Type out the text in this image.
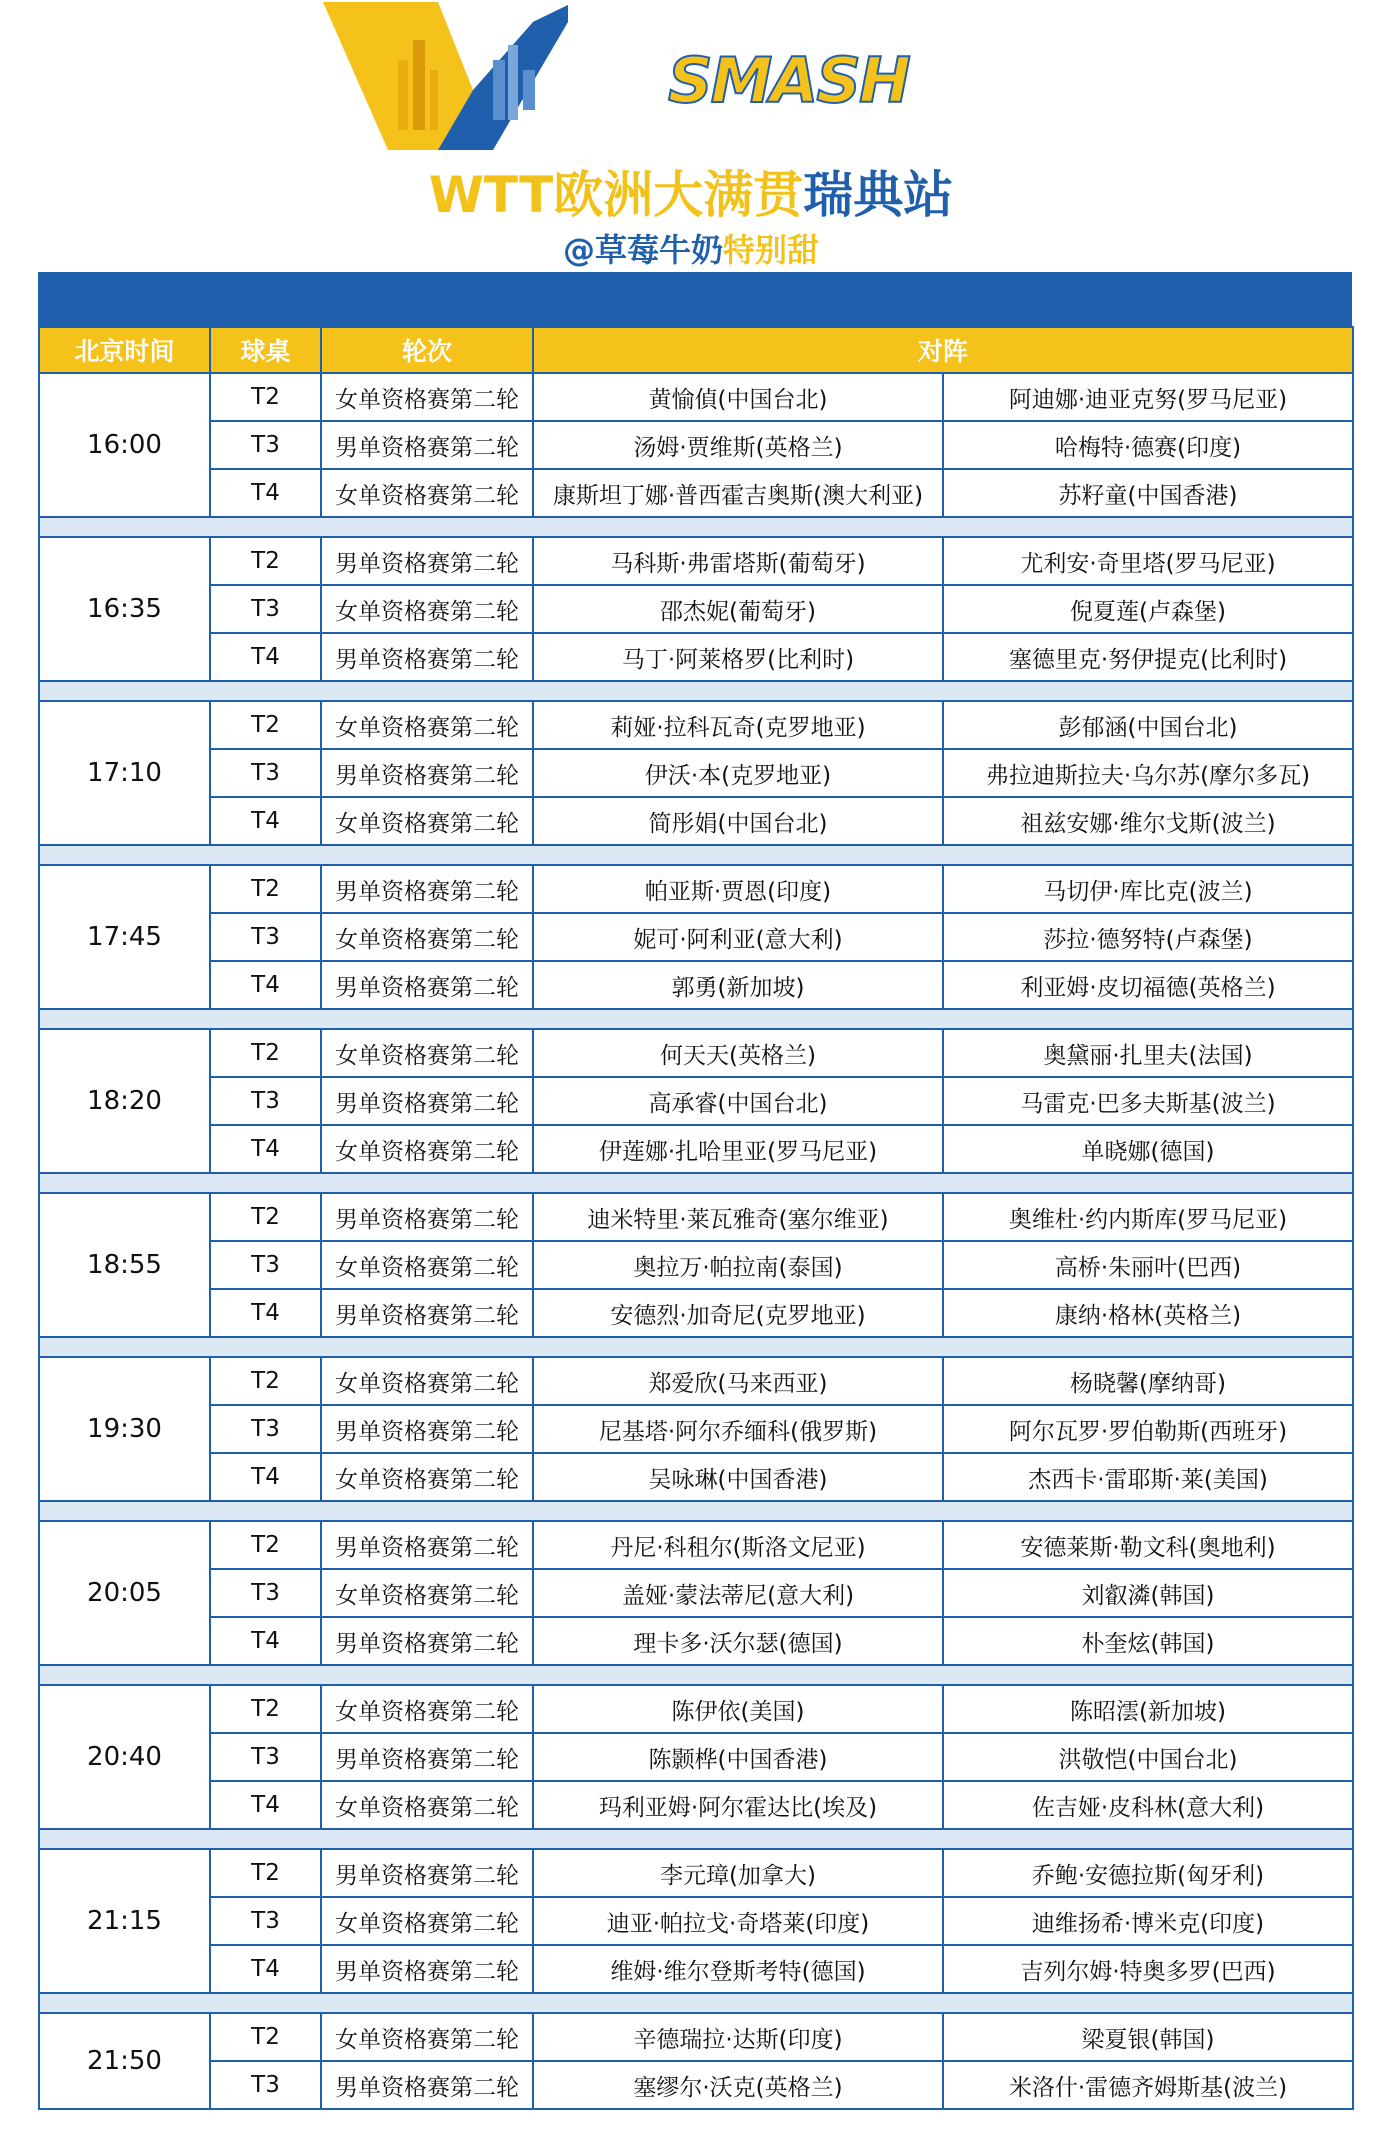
SMASH
WTT欧洲大满贯瑞典站
@草莓牛奶特别甜
北京时间	球桌	轮次	对阵	
16:00	T2	女单资格赛第二轮	黄愉偵(中国台北)	阿迪娜·迪亚克努(罗马尼亚)
	T3	男单资格赛第二轮	汤姆·贾维斯(英格兰)	哈梅特·德赛(印度)
	T4	女单资格赛第二轮	康斯坦丁娜·普西霍吉奥斯(澳大利亚)	苏籽童(中国香港)

16:35	T2	男单资格赛第二轮	马科斯·弗雷塔斯(葡萄牙)	尤利安·奇里塔(罗马尼亚)
	T3	女单资格赛第二轮	邵杰妮(葡萄牙)	倪夏莲(卢森堡)
	T4	男单资格赛第二轮	马丁·阿莱格罗(比利时)	塞德里克·努伊提克(比利时)

17:10	T2	女单资格赛第二轮	莉娅·拉科瓦奇(克罗地亚)	彭郁涵(中国台北)
	T3	男单资格赛第二轮	伊沃·本(克罗地亚)	弗拉迪斯拉夫·乌尔苏(摩尔多瓦)
	T4	女单资格赛第二轮	简彤娟(中国台北)	祖兹安娜·维尔戈斯(波兰)

17:45	T2	男单资格赛第二轮	帕亚斯·贾恩(印度)	马切伊·库比克(波兰)
	T3	女单资格赛第二轮	妮可·阿利亚(意大利)	莎拉·德努特(卢森堡)
	T4	男单资格赛第二轮	郭勇(新加坡)	利亚姆·皮切福德(英格兰)

18:20	T2	女单资格赛第二轮	何天天(英格兰)	奥黛丽·扎里夫(法国)
	T3	男单资格赛第二轮	高承睿(中国台北)	马雷克·巴多夫斯基(波兰)
	T4	女单资格赛第二轮	伊莲娜·扎哈里亚(罗马尼亚)	单晓娜(德国)

18:55	T2	男单资格赛第二轮	迪米特里·莱瓦雅奇(塞尔维亚)	奥维杜·约内斯库(罗马尼亚)
	T3	女单资格赛第二轮	奥拉万·帕拉南(泰国)	高桥·朱丽叶(巴西)
	T4	男单资格赛第二轮	安德烈·加奇尼(克罗地亚)	康纳·格林(英格兰)

19:30	T2	女单资格赛第二轮	郑爱欣(马来西亚)	杨晓馨(摩纳哥)
	T3	男单资格赛第二轮	尼基塔·阿尔乔缅科(俄罗斯)	阿尔瓦罗·罗伯勒斯(西班牙)
	T4	女单资格赛第二轮	吴咏琳(中国香港)	杰西卡·雷耶斯·莱(美国)

20:05	T2	男单资格赛第二轮	丹尼·科租尔(斯洛文尼亚)	安德莱斯·勒文科(奥地利)
	T3	女单资格赛第二轮	盖娅·蒙法蒂尼(意大利)	刘叡潾(韩国)
	T4	男单资格赛第二轮	理卡多·沃尔瑟(德国)	朴奎炫(韩国)

20:40	T2	女单资格赛第二轮	陈伊依(美国)	陈昭澐(新加坡)
	T3	男单资格赛第二轮	陈颢桦(中国香港)	洪敬恺(中国台北)
	T4	女单资格赛第二轮	玛利亚姆·阿尔霍达比(埃及)	佐吉娅·皮科林(意大利)

21:15	T2	男单资格赛第二轮	李元璋(加拿大)	乔鲍·安德拉斯(匈牙利)
	T3	女单资格赛第二轮	迪亚·帕拉戈·奇塔莱(印度)	迪维扬希·博米克(印度)
	T4	男单资格赛第二轮	维姆·维尔登斯考特(德国)	吉列尔姆·特奥多罗(巴西)

21:50	T2	女单资格赛第二轮	辛德瑞拉·达斯(印度)	梁夏银(韩国)
	T3	男单资格赛第二轮	塞缪尔·沃克(英格兰)	米洛什·雷德齐姆斯基(波兰)
